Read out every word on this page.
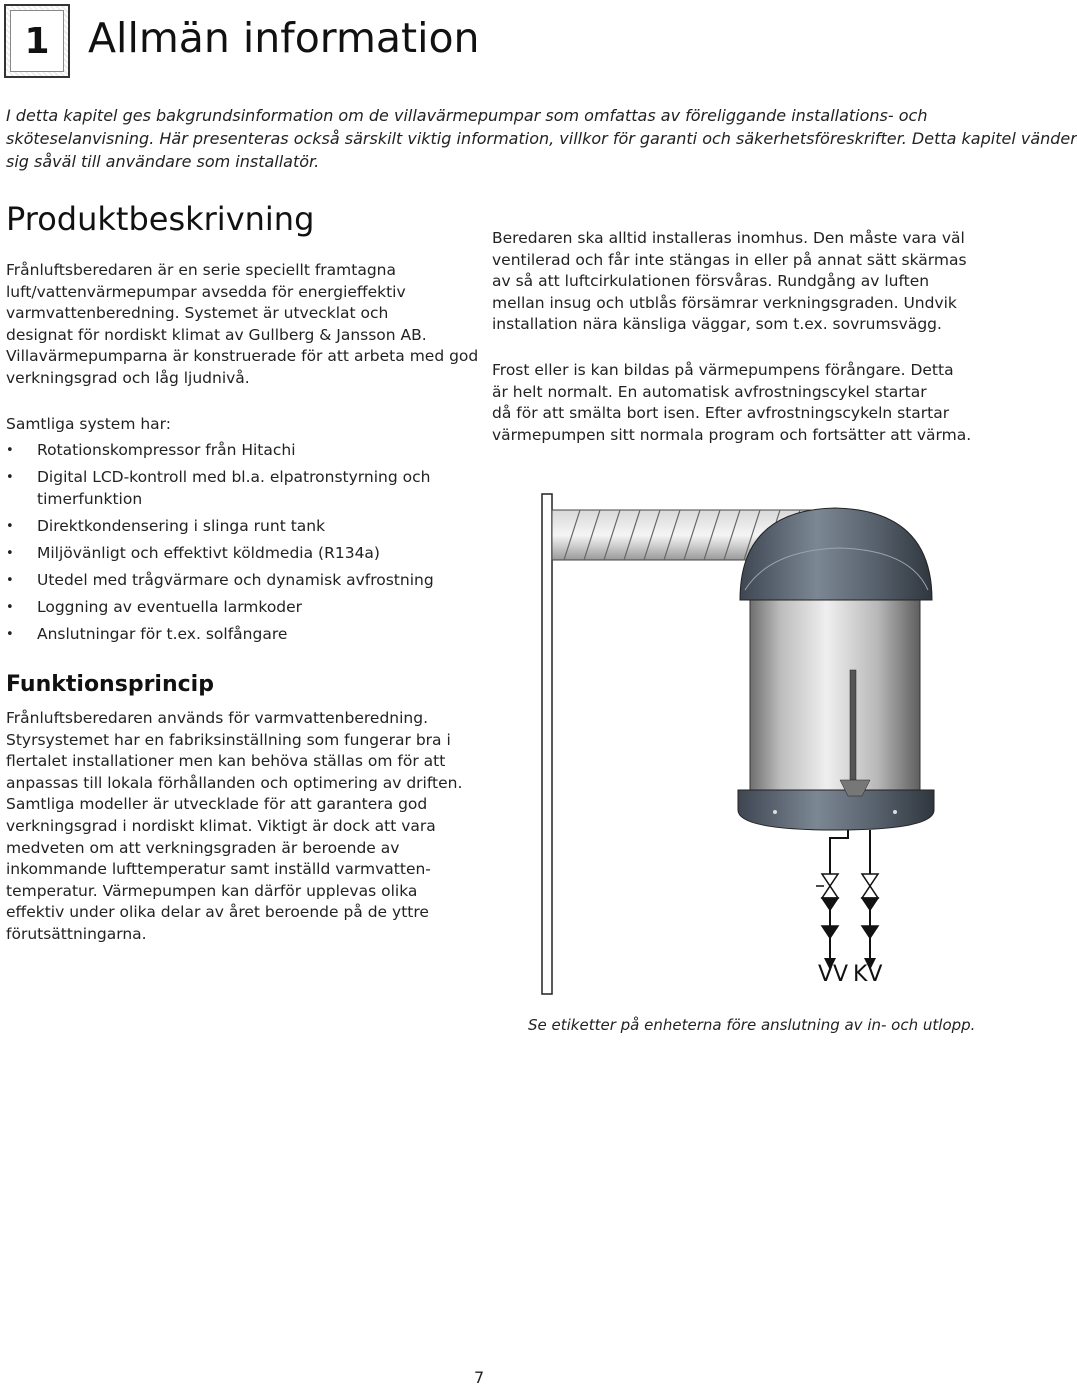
1 Allmän information
I detta kapitel ges bakgrundsinformation om de villavärmepumpar som omfattas av föreliggande installations- och
sköteselanvisning. Här presenteras också särskilt viktig information, villkor för garanti och säkerhetsföreskrifter. Detta kapitel vänder
sig såväl till användare som installatör.
Produktbeskrivning
Frånluftsberedaren är en serie speciellt framtagna
luft/vattenvärmepumpar avsedda för energieffektiv
varmvattenberedning. Systemet är utvecklat och
designat för nordiskt klimat av Gullberg & Jansson AB.
Villavärmepumparna är konstruerade för att arbeta med god
verkningsgrad och låg ljudnivå.
Samtliga system har:
• Rotationskompressor från Hitachi
• Digital LCD-kontroll med bl.a. elpatronstyrning och
timerfunktion
• Direktkondensering i slinga runt tank
• Miljövänligt och effektivt köldmedia (R134a)
• Utedel med trågvärmare och dynamisk avfrostning
• Loggning av eventuella larmkoder
• Anslutningar för t.ex. solfångare
Funktionsprincip
Frånluftsberedaren används för varmvattenberedning.
Styrsystemet har en fabriksinställning som fungerar bra i
flertalet installationer men kan behöva ställas om för att
anpassas till lokala förhållanden och optimering av driften.
Samtliga modeller är utvecklade för att garantera god
verkningsgrad i nordiskt klimat. Viktigt är dock att vara
medveten om att verkningsgraden är beroende av
inkommande lufttemperatur samt inställd varmvatten-
temperatur. Värmepumpen kan därför upplevas olika
effektiv under olika delar av året beroende på de yttre
förutsättningarna.
Beredaren ska alltid installeras inomhus. Den måste vara väl
ventilerad och får inte stängas in eller på annat sätt skärmas
av så att luftcirkulationen försvåras. Rundgång av luften
mellan insug och utblås försämrar verkningsgraden. Undvik
installation nära känsliga väggar, som t.ex. sovrumsvägg.
Frost eller is kan bildas på värmepumpens förångare. Detta
är helt normalt. En automatisk avfrostningscykel startar
då för att smälta bort isen. Efter avfrostningscykeln startar
värmepumpen sitt normala program och fortsätter att värma.
VV KV
Se etiketter på enheterna före anslutning av in- och utlopp.
7
